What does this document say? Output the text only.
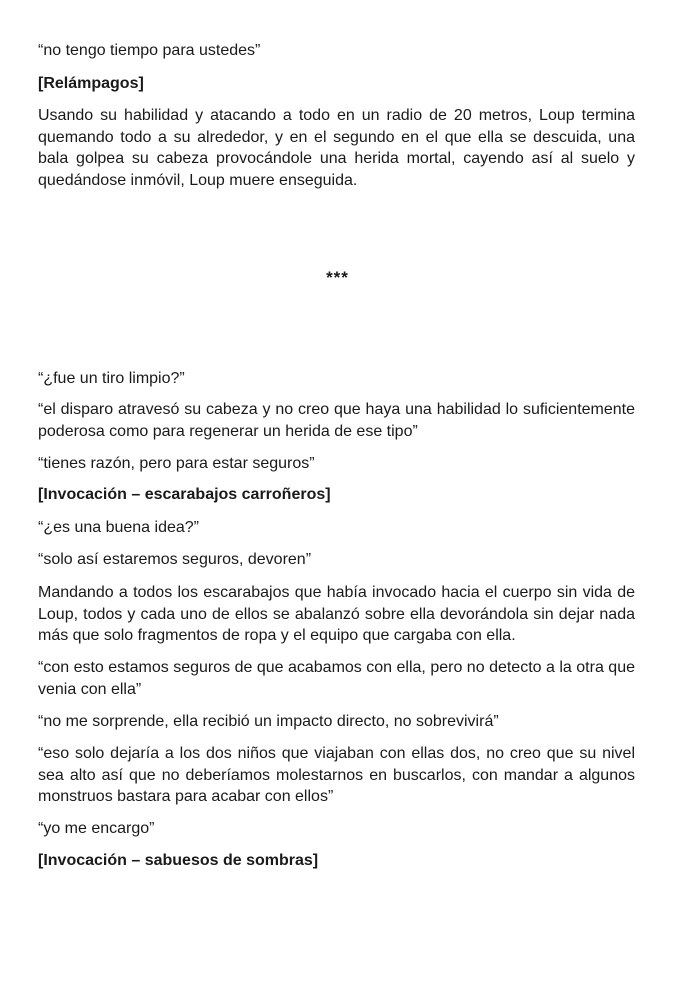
“no tengo tiempo para ustedes”

[Relámpagos]

Usando su habilidad y atacando a todo en un radio de 20 metros, Loup termina quemando todo a su alrededor, y en el segundo en el que ella se descuida, una bala golpea su cabeza provocándole una herida mortal, cayendo así al suelo y quedándose inmóvil, Loup muere enseguida.

***

“¿fue un tiro limpio?”

“el disparo atravesó su cabeza y no creo que haya una habilidad lo suficientemente poderosa como para regenerar un herida de ese tipo”

“tienes razón, pero para estar seguros”

[Invocación – escarabajos carroñeros]

“¿es una buena idea?”

“solo así estaremos seguros, devoren”

Mandando a todos los escarabajos que había invocado hacia el cuerpo sin vida de Loup, todos y cada uno de ellos se abalanzó sobre ella devorándola sin dejar nada más que solo fragmentos de ropa y el equipo que cargaba con ella.

“con esto estamos seguros de que acabamos con ella, pero no detecto a la otra que venia con ella”

“no me sorprende, ella recibió un impacto directo, no sobrevivirá”

“eso solo dejaría a los dos niños que viajaban con ellas dos, no creo que su nivel sea alto así que no deberíamos molestarnos en buscarlos, con mandar a algunos monstruos bastara para acabar con ellos”

“yo me encargo”

[Invocación – sabuesos de sombras]
